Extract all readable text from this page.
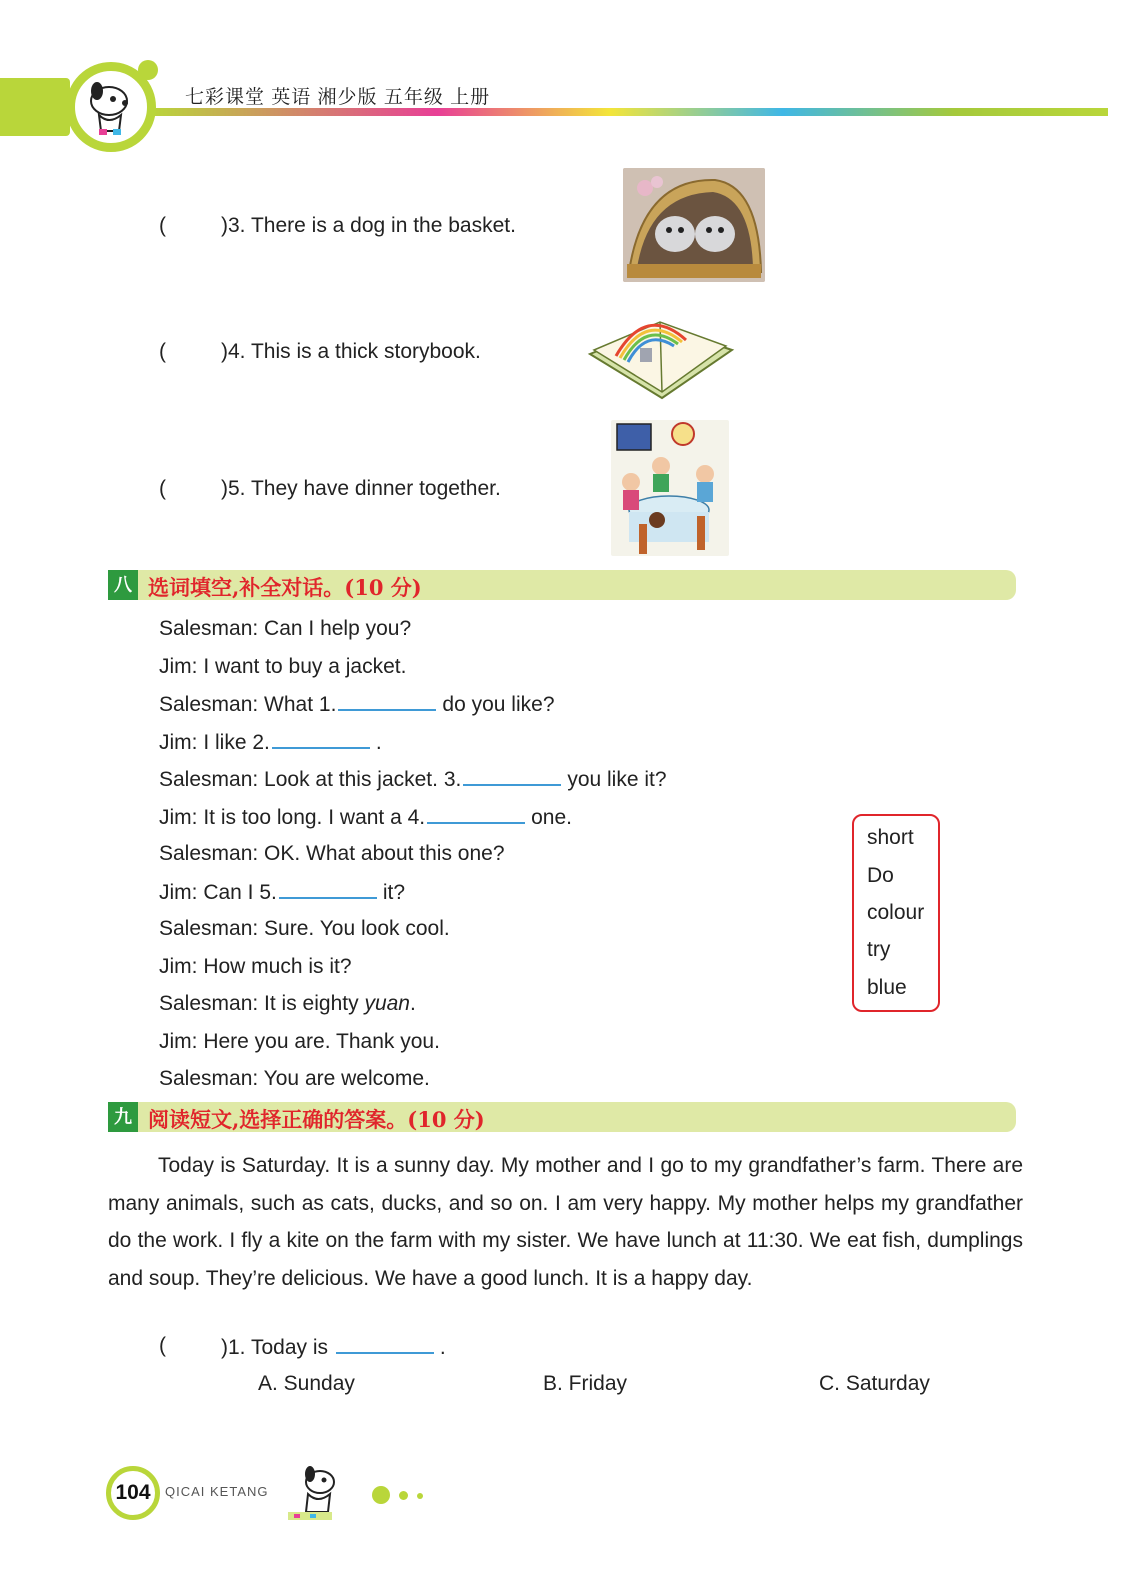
七彩课堂 英语 湘少版 五年级 上册
(	)3. There is a dog in the basket.
(	)4. This is a thick storybook.
(	)5. They have dinner together.
八 选词填空,补全对话。(10 分)
Salesman: Can I help you?
Jim: I want to buy a jacket.
Salesman: What 1.	do you like?
Jim: I like 2.	.
Salesman: Look at this jacket. 3.	you like it?
Jim: It is too long. I want a 4.	one.
Salesman: OK. What about this one?
Jim: Can I 5.	it?
Salesman: Sure. You look cool.
Jim: How much is it?
Salesman: It is eighty yuan.
Jim: Here you are. Thank you.
Salesman: You are welcome.
short
Do
colour
try
blue
九 阅读短文,选择正确的答案。(10 分)
Today is Saturday. It is a sunny day. My mother and I go to my grandfather’s farm. There are many animals, such as cats, ducks, and so on. I am very happy. My mother helps my grandfather do the work. I fly a kite on the farm with my sister. We have lunch at 11:30. We eat fish, dumplings and soup. They’re delicious. We have a good lunch. It is a happy day.
(	)1. Today is	.
A. Sunday	B. Friday	C. Saturday
104	QICAI KETANG
